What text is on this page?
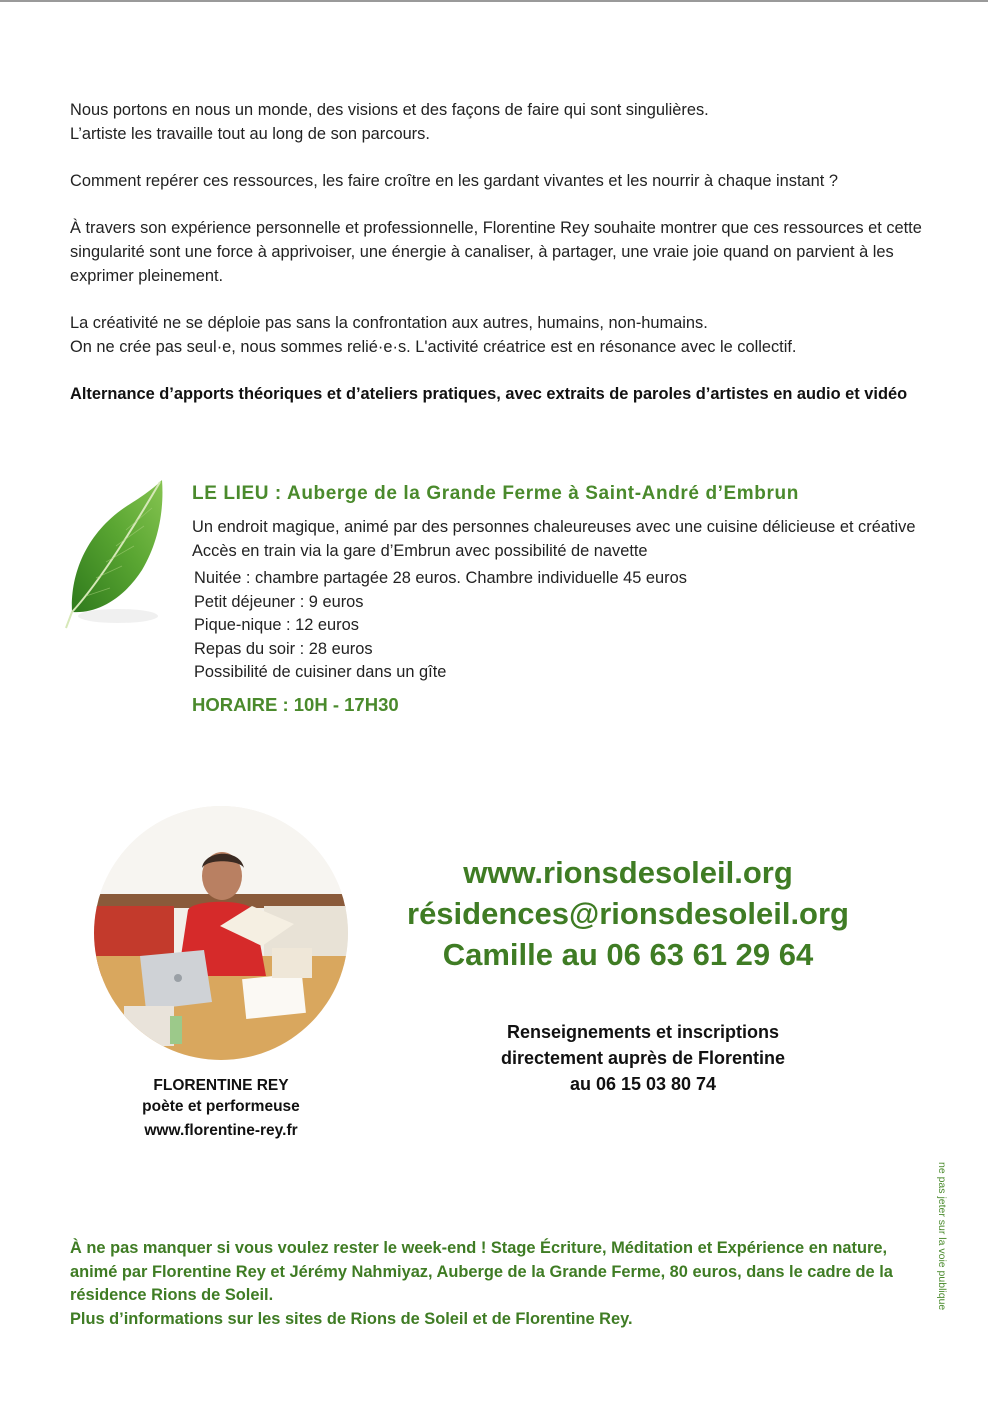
Nous portons en nous un monde, des visions et des façons de faire qui sont singulières.
L’artiste les travaille tout au long de son parcours.

Comment repérer ces ressources, les faire croître en les gardant vivantes et les nourrir à chaque instant ?

À travers son expérience personnelle et professionnelle, Florentine Rey souhaite montrer que ces ressources et cette singularité sont une force à apprivoiser, une énergie à canaliser, à partager, une vraie joie quand on parvient à les exprimer pleinement.

La créativité ne se déploie pas sans la confrontation aux autres, humains, non-humains.
On ne crée pas seul·e, nous sommes relié·e·s. L'activité créatrice est en résonance avec le collectif.

Alternance d’apports théoriques et d’ateliers pratiques, avec extraits de paroles d’artistes en audio et vidéo

LE LIEU : Auberge de la Grande Ferme à Saint-André d’Embrun
Un endroit magique, animé par des personnes chaleureuses avec une cuisine délicieuse et créative
Accès en train via la gare d’Embrun avec possibilité de navette
Nuitée : chambre partagée 28 euros. Chambre individuelle 45 euros
Petit déjeuner : 9 euros
Pique-nique : 12 euros
Repas du soir : 28 euros
Possibilité de cuisiner dans un gîte
HORAIRE : 10H - 17H30
FLORENTINE REY
poète et performeuse
www.florentine-rey.fr
www.rionsdesoleil.org
résidences@rionsdesoleil.org
Camille au 06 63 61 29 64
Renseignements et inscriptions
directement auprès de Florentine
au 06 15 03 80 74
ne pas jeter sur la voie publique

À ne pas manquer si vous voulez rester le week-end ! Stage Écriture, Méditation et Expérience en nature, animé par Florentine Rey et Jérémy Nahmiyaz, Auberge de la Grande Ferme, 80 euros, dans le cadre de la résidence Rions de Soleil.

Plus d’informations sur les sites de Rions de Soleil et de Florentine Rey.
